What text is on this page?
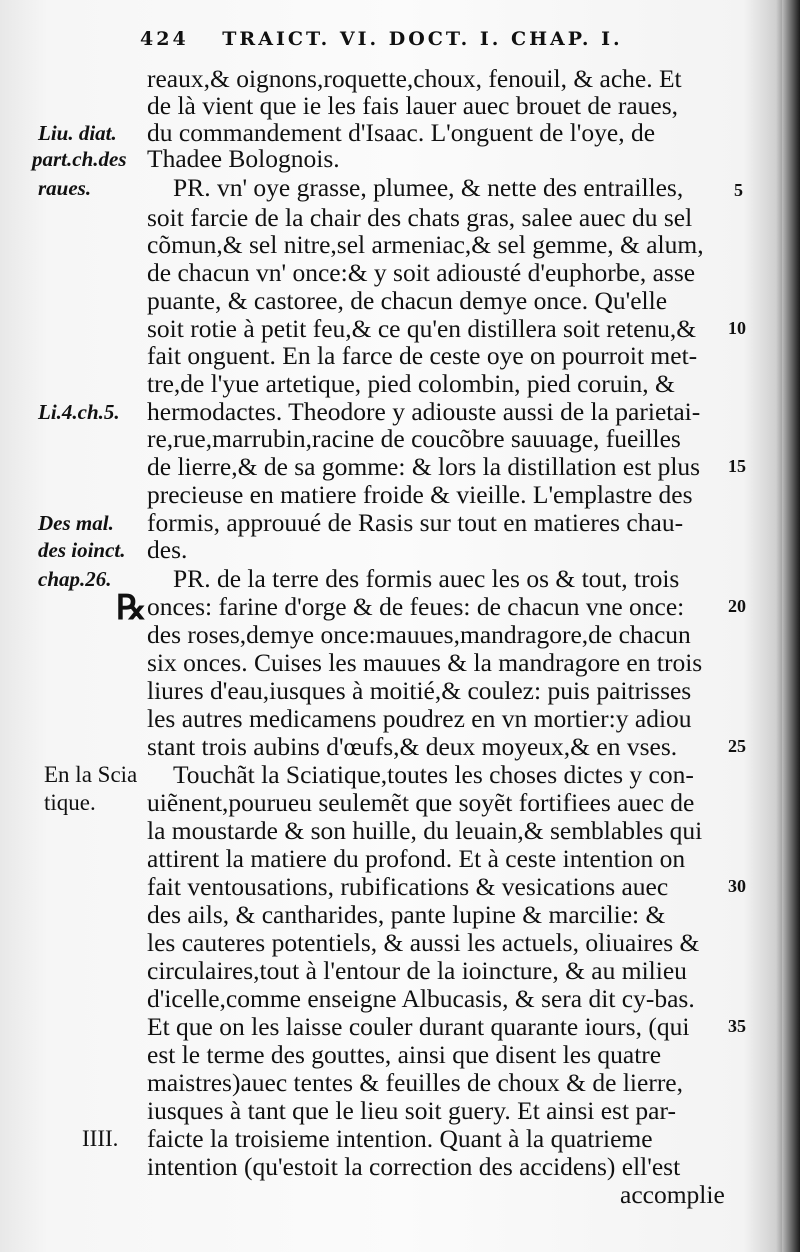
424 TRAICT. VI. DOCT. I. CHAP. I.
reaux,& oignons,roquette,choux, fenouil, & ache. Et
de là vient que ie les fais lauer auec brouet de raues,
du commandement d'Isaac. L'onguent de l'oye, de
Thadee Bolognois.
PR. vn' oye grasse, plumee, & nette des entrailles,
soit farcie de la chair des chats gras, salee auec du sel
cõmun,& sel nitre,sel armeniac,& sel gemme, & alum,
de chacun vn' once:& y soit adiousté d'euphorbe, asse
puante, & castoree, de chacun demye once. Qu'elle
soit rotie à petit feu,& ce qu'en distillera soit retenu,&
fait onguent. En la farce de ceste oye on pourroit met-
tre,de l'yue artetique, pied colombin, pied coruin, &
hermodactes. Theodore y adiouste aussi de la parietai-
re,rue,marrubin,racine de coucõbre sauuage, fueilles
de lierre,& de sa gomme: & lors la distillation est plus
precieuse en matiere froide & vieille. L'emplastre des
formis, approuué de Rasis sur tout en matieres chau-
des.
PR. de la terre des formis auec les os & tout, trois
onces: farine d'orge & de feues: de chacun vne once:
des roses,demye once:mauues,mandragore,de chacun
six onces. Cuises les mauues & la mandragore en trois
liures d'eau,iusques à moitié,& coulez: puis paitrisses
les autres medicamens poudrez en vn mortier:y adiou
stant trois aubins d'œufs,& deux moyeux,& en vses.
Touchãt la Sciatique,toutes les choses dictes y con-
uiẽnent,pourueu seulemẽt que soyẽt fortifiees auec de
la moustarde & son huille, du leuain,& semblables qui
attirent la matiere du profond. Et à ceste intention on
fait ventousations, rubifications & vesications auec
des ails, & cantharides, pante lupine & marcilie: &
les cauteres potentiels, & aussi les actuels, oliuaires &
circulaires,tout à l'entour de la ioincture, & au milieu
d'icelle,comme enseigne Albucasis, & sera dit cy-bas.
Et que on les laisse couler durant quarante iours, (qui
est le terme des gouttes, ainsi que disent les quatre
maistres)auec tentes & feuilles de choux & de lierre,
iusques à tant que le lieu soit guery. Et ainsi est par-
faicte la troisieme intention. Quant à la quatrieme
intention (qu'estoit la correction des accidens) ell'est
accomplie
℞
Liu. diat.
part.ch.des
raues.
Li.4.ch.5.
Des mal.
des ioinct.
chap.26.
En la Scia
tique.
IIII.
5
10
15
20
25
30
35
